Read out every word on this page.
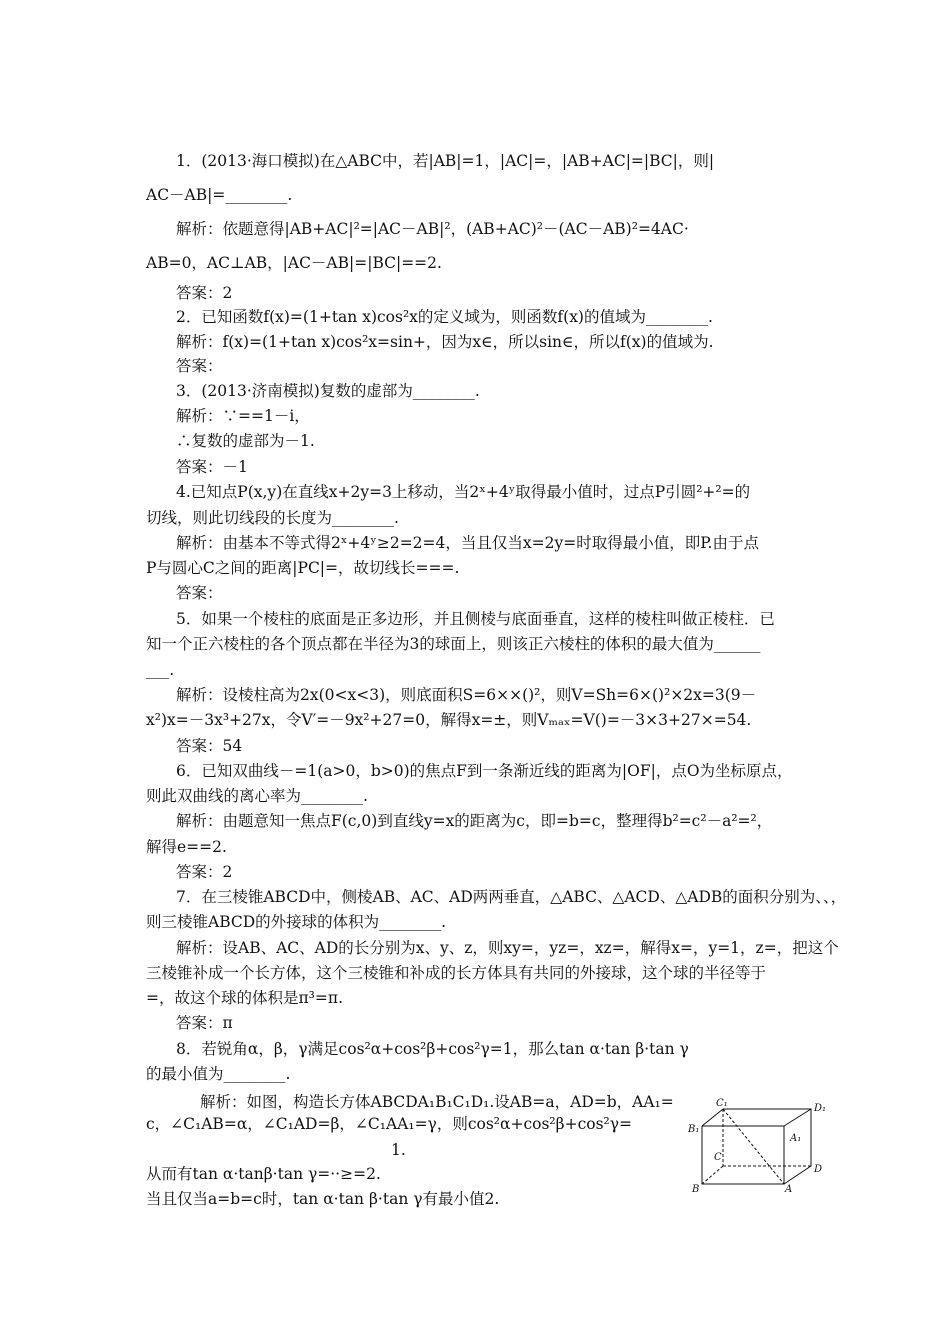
1．(2013·海口模拟)在△ABC中，若|AB|=1，|AC|=，|AB+AC|=|BC|，则|
AC－AB|=________.
解析：依题意得|AB+AC|²=|AC－AB|²，(AB+AC)²－(AC－AB)²=4AC·
AB=0，AC⊥AB，|AC－AB|=|BC|==2.
答案：2
2．已知函数f(x)=(1+tan x)cos²x的定义域为，则函数f(x)的值域为________.
解析：f(x)=(1+tan x)cos²x=sin+，因为x∈，所以sin∈，所以f(x)的值域为.
答案：
3．(2013·济南模拟)复数的虚部为________.
解析：∵==1－i，
∴复数的虚部为－1.
答案：－1
4.已知点P(x,y)在直线x+2y=3上移动，当2ˣ+4ʸ取得最小值时，过点P引圆²+²=的
切线，则此切线段的长度为________.
解析：由基本不等式得2ˣ+4ʸ≥2=2=4，当且仅当x=2y=时取得最小值，即P.由于点
P与圆心C之间的距离|PC|=，故切线长===.
答案：
5．如果一个棱柱的底面是正多边形，并且侧棱与底面垂直，这样的棱柱叫做正棱柱．已
知一个正六棱柱的各个顶点都在半径为3的球面上，则该正六棱柱的体积的最大值为______
___.
解析：设棱柱高为2x(0<x<3)，则底面积S=6××()²，则V=Sh=6×()²×2x=3(9－
x²)x=－3x³+27x，令V′=－9x²+27=0，解得x=±，则Vₘₐₓ=V()=－3×3+27×=54.
答案：54
6．已知双曲线－=1(a>0，b>0)的焦点F到一条渐近线的距离为|OF|，点O为坐标原点，
则此双曲线的离心率为________.
解析：由题意知一焦点F(c,0)到直线y=x的距离为c，即=b=c，整理得b²=c²－a²=²，
解得e==2.
答案：2
7．在三棱锥ABCD中，侧棱AB、AC、AD两两垂直，△ABC、△ACD、△ADB的面积分别为、、，
则三棱锥ABCD的外接球的体积为________.
解析：设AB、AC、AD的长分别为x、y、z，则xy=，yz=，xz=，解得x=，y=1，z=，把这个
三棱锥补成一个长方体，这个三棱锥和补成的长方体具有共同的外接球，这个球的半径等于
=，故这个球的体积是π³=π.
答案：π
8．若锐角α，β，γ满足cos²α+cos²β+cos²γ=1，那么tan α·tan β·tan γ
的最小值为________.
解析：如图，构造长方体ABCDA₁B₁C₁D₁.设AB=a，AD=b，AA₁=
c，∠C₁AB=α，∠C₁AD=β，∠C₁AA₁=γ，则cos²α+cos²β+cos²γ=
1.
从而有tan α·tanβ·tan γ=··≥=2.
当且仅当a=b=c时，tan α·tan β·tan γ有最小值2.
C₁	D₁
B₁
A₁
C
D
B	A
